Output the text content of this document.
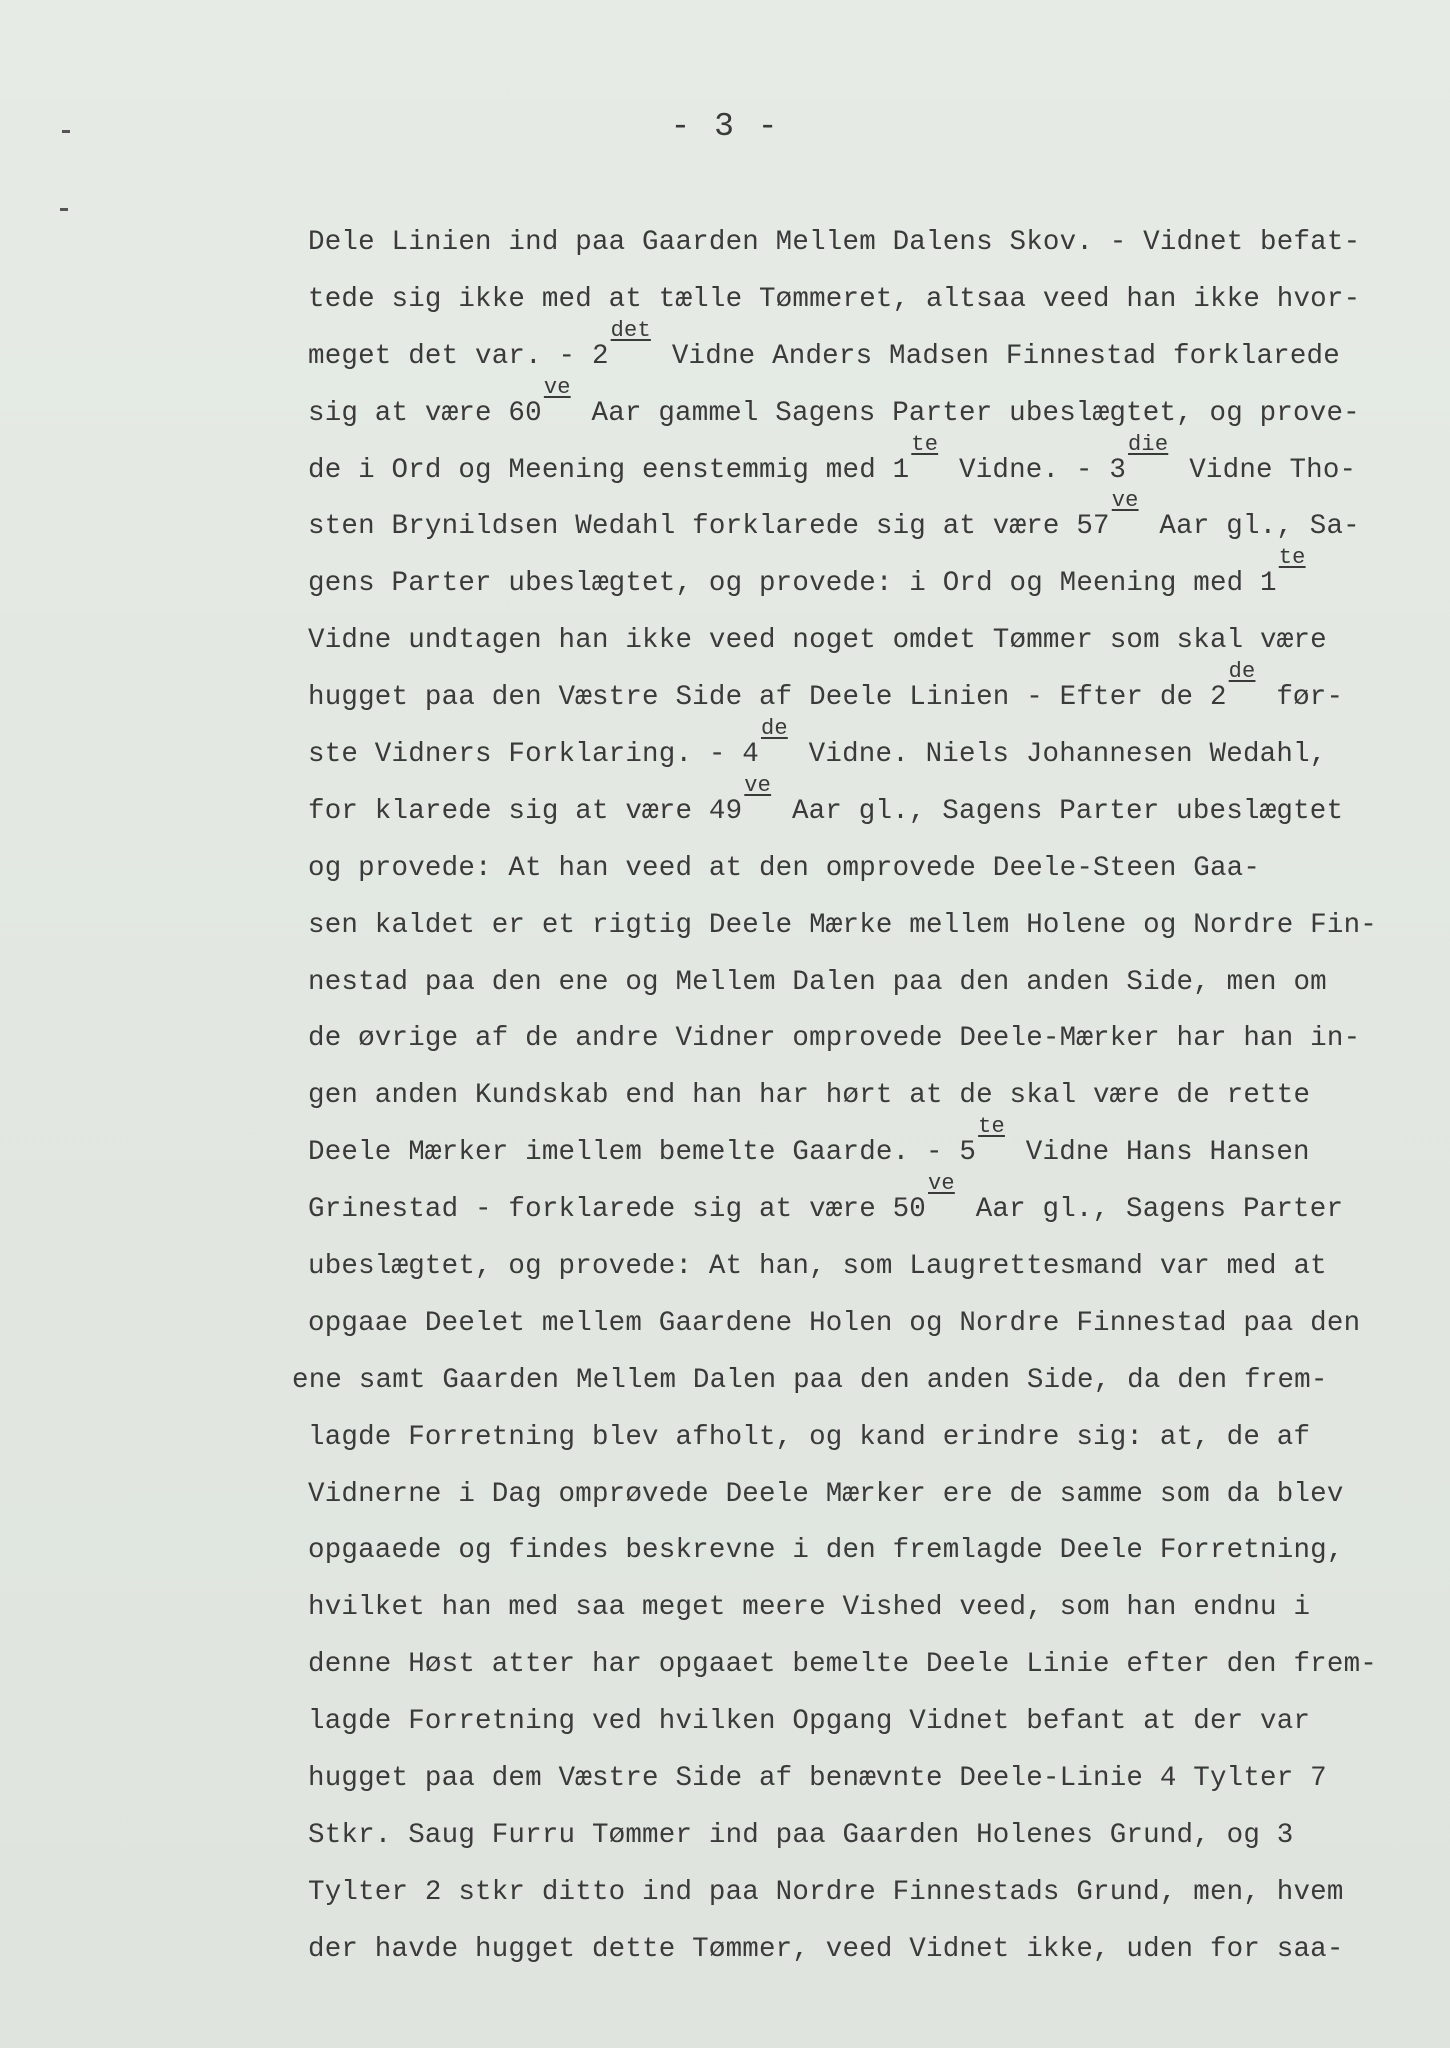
- 3 -
Dele Linien ind paa Gaarden Mellem Dalens Skov. - Vidnet befat-
tede sig ikke med at tælle Tømmeret, altsaa veed han ikke hvor-
meget det var. - 2
det
Vidne Anders Madsen Finnestad forklarede
sig at være 60
ve
Aar gammel Sagens Parter ubeslægtet, og prove-
de i Ord og Meening eenstemmig med 1
te
Vidne. - 3
die
Vidne Tho-
sten Brynildsen Wedahl forklarede sig at være 57
ve
Aar gl., Sa-
gens Parter ubeslægtet, og provede: i Ord og Meening med 1
te
Vidne undtagen han ikke veed noget omdet Tømmer som skal være
hugget paa den Væstre Side af Deele Linien - Efter de 2
de
før-
ste Vidners Forklaring. - 4
de
Vidne. Niels Johannesen Wedahl,
for klarede sig at være 49
ve
Aar gl., Sagens Parter ubeslægtet
og provede: At han veed at den omprovede Deele-Steen Gaa-
sen kaldet er et rigtig Deele Mærke mellem Holene og Nordre Fin-
nestad paa den ene og Mellem Dalen paa den anden Side, men om
de øvrige af de andre Vidner omprovede Deele-Mærker har han in-
gen anden Kundskab end han har hørt at de skal være de rette
Deele Mærker imellem bemelte Gaarde. - 5
te
Vidne Hans Hansen
Grinestad - forklarede sig at være 50
ve
Aar gl., Sagens Parter
ubeslægtet, og provede: At han, som Laugrettesmand var med at
opgaae Deelet mellem Gaardene Holen og Nordre Finnestad paa den
ene samt Gaarden Mellem Dalen paa den anden Side, da den frem-
lagde Forretning blev afholt, og kand erindre sig: at, de af
Vidnerne i Dag omprøvede Deele Mærker ere de samme som da blev
opgaaede og findes beskrevne i den fremlagde Deele Forretning,
hvilket han med saa meget meere Vished veed, som han endnu i
denne Høst atter har opgaaet bemelte Deele Linie efter den frem-
lagde Forretning ved hvilken Opgang Vidnet befant at der var
hugget paa dem Væstre Side af benævnte Deele-Linie 4 Tylter 7
Stkr. Saug Furru Tømmer ind paa Gaarden Holenes Grund, og 3
Tylter 2 stkr ditto ind paa Nordre Finnestads Grund, men, hvem
der havde hugget dette Tømmer, veed Vidnet ikke, uden for saa-
